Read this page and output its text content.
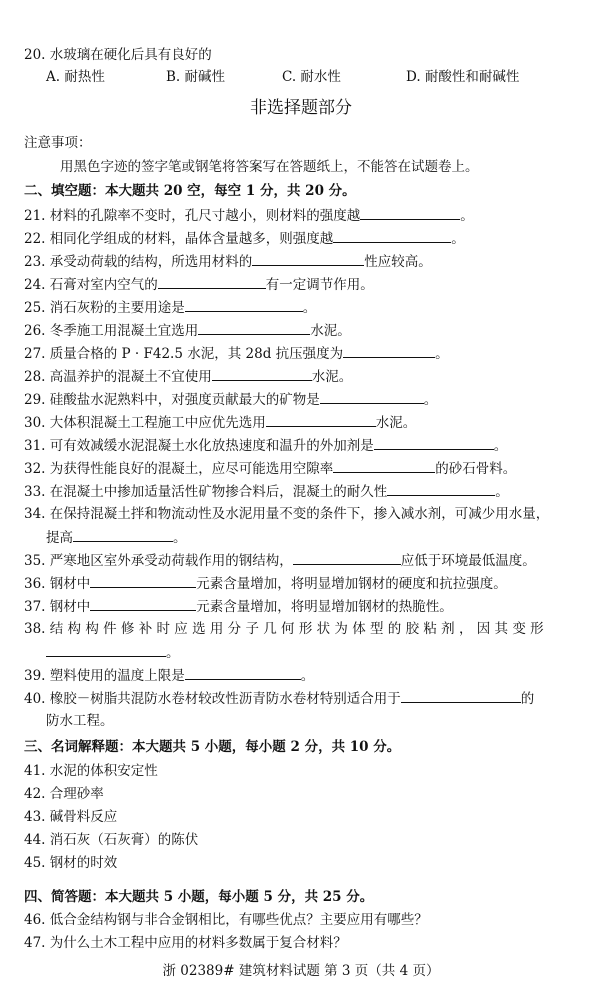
20. 水玻璃在硬化后具有良好的
A. 耐热性	B. 耐碱性	C. 耐水性	D. 耐酸性和耐碱性
非选择题部分
注意事项：
用黑色字迹的签字笔或钢笔将答案写在答题纸上，不能答在试题卷上。
二、填空题：本大题共 20 空，每空 1 分，共 20 分。
21. 材料的孔隙率不变时，孔尺寸越小，则材料的强度越	。
22. 相同化学组成的材料，晶体含量越多，则强度越	。
23. 承受动荷载的结构，所选用材料的	性应较高。
24. 石膏对室内空气的	有一定调节作用。
25. 消石灰粉的主要用途是	。
26. 冬季施工用混凝土宜选用	水泥。
27. 质量合格的 P · F42.5 水泥，其 28d 抗压强度为	。
28. 高温养护的混凝土不宜使用	水泥。
29. 硅酸盐水泥熟料中，对强度贡献最大的矿物是	。
30. 大体积混凝土工程施工中应优先选用	水泥。
31. 可有效减缓水泥混凝土水化放热速度和温升的外加剂是	。
32. 为获得性能良好的混凝土，应尽可能选用空隙率	的砂石骨料。
33. 在混凝土中掺加适量活性矿物掺合料后，混凝土的耐久性	。
34. 在保持混凝土拌和物流动性及水泥用量不变的条件下，掺入减水剂，可减少用水量，
提高	。
35. 严寒地区室外承受动荷载作用的钢结构，	应低于环境最低温度。
36. 钢材中	元素含量增加，将明显增加钢材的硬度和抗拉强度。
37. 钢材中	元素含量增加，将明显增加钢材的热脆性。
38. 结 构 构 件 修 补 时 应 选 用 分 子 几 何 形 状 为 体 型 的 胶 粘 剂 ， 因 其 变 形
。
39. 塑料使用的温度上限是	。
40. 橡胶－树脂共混防水卷材较改性沥青防水卷材特别适合用于	的
防水工程。
三、名词解释题：本大题共 5 小题，每小题 2 分，共 10 分。
41. 水泥的体积安定性
42. 合理砂率
43. 碱骨料反应
44. 消石灰（石灰膏）的陈伏
45. 钢材的时效
四、简答题：本大题共 5 小题，每小题 5 分，共 25 分。
46. 低合金结构钢与非合金钢相比，有哪些优点？主要应用有哪些？
47. 为什么土木工程中应用的材料多数属于复合材料？
浙 02389# 建筑材料试题 第 3 页（共 4 页）
